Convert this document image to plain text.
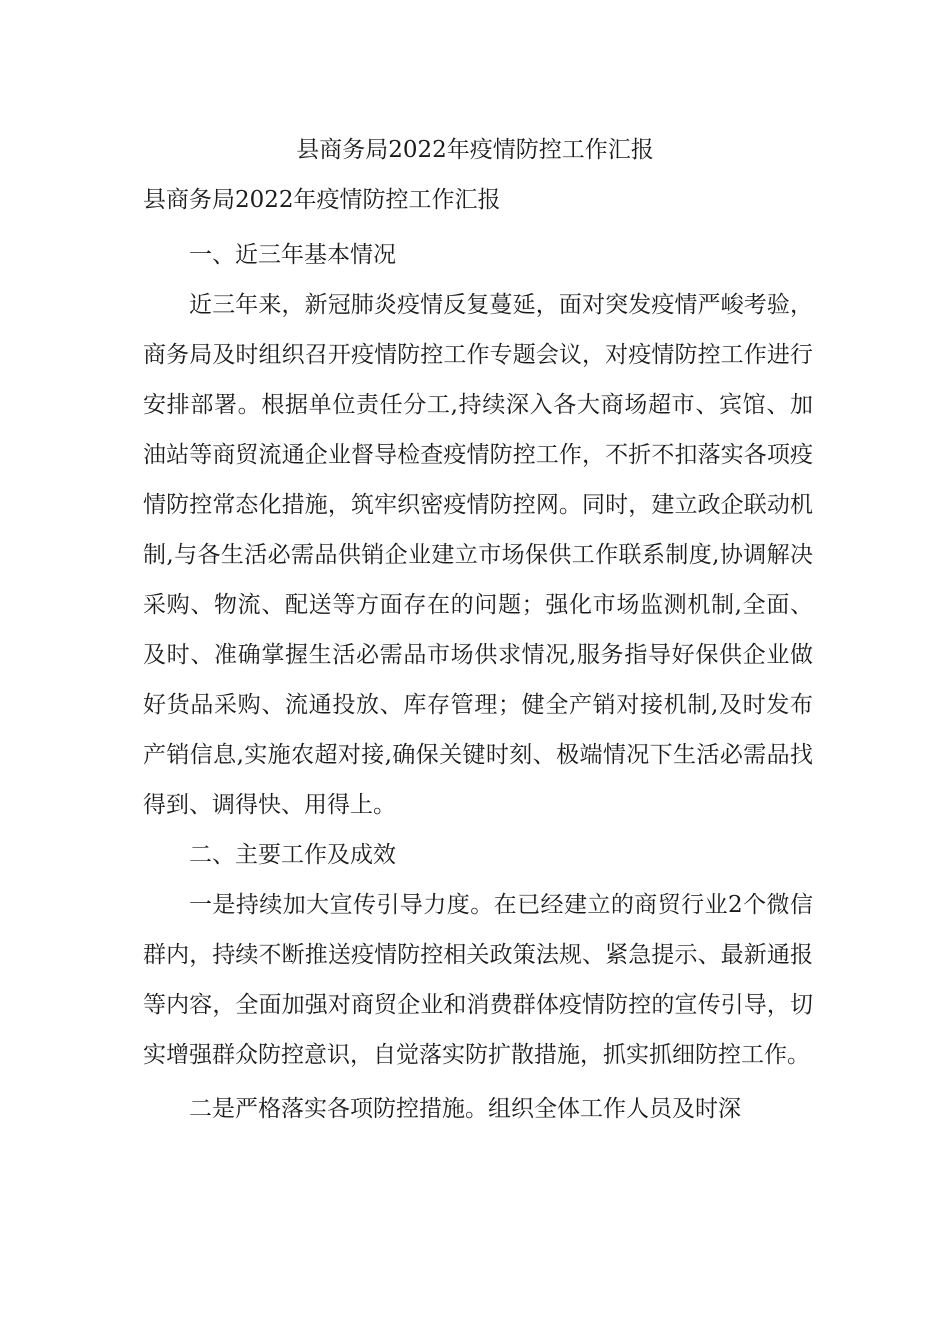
县商务局2022年疫情防控工作汇报
县商务局2022年疫情防控工作汇报

一、近三年基本情况

近三年来，新冠肺炎疫情反复蔓延，面对突发疫情严峻考验，商务局及时组织召开疫情防控工作专题会议，对疫情防控工作进行安排部署。根据单位责任分工,持续深入各大商场超市、宾馆、加油站等商贸流通企业督导检查疫情防控工作，不折不扣落实各项疫情防控常态化措施，筑牢织密疫情防控网。同时，建立政企联动机制,与各生活必需品供销企业建立市场保供工作联系制度,协调解决采购、物流、配送等方面存在的问题；强化市场监测机制,全面、及时、准确掌握生活必需品市场供求情况,服务指导好保供企业做好货品采购、流通投放、库存管理；健全产销对接机制,及时发布产销信息,实施农超对接,确保关键时刻、极端情况下生活必需品找得到、调得快、用得上。

二、主要工作及成效

一是持续加大宣传引导力度。在已经建立的商贸行业2个微信群内，持续不断推送疫情防控相关政策法规、紧急提示、最新通报等内容，全面加强对商贸企业和消费群体疫情防控的宣传引导，切实增强群众防控意识，自觉落实防扩散措施，抓实抓细防控工作。

二是严格落实各项防控措施。组织全体工作人员及时深
